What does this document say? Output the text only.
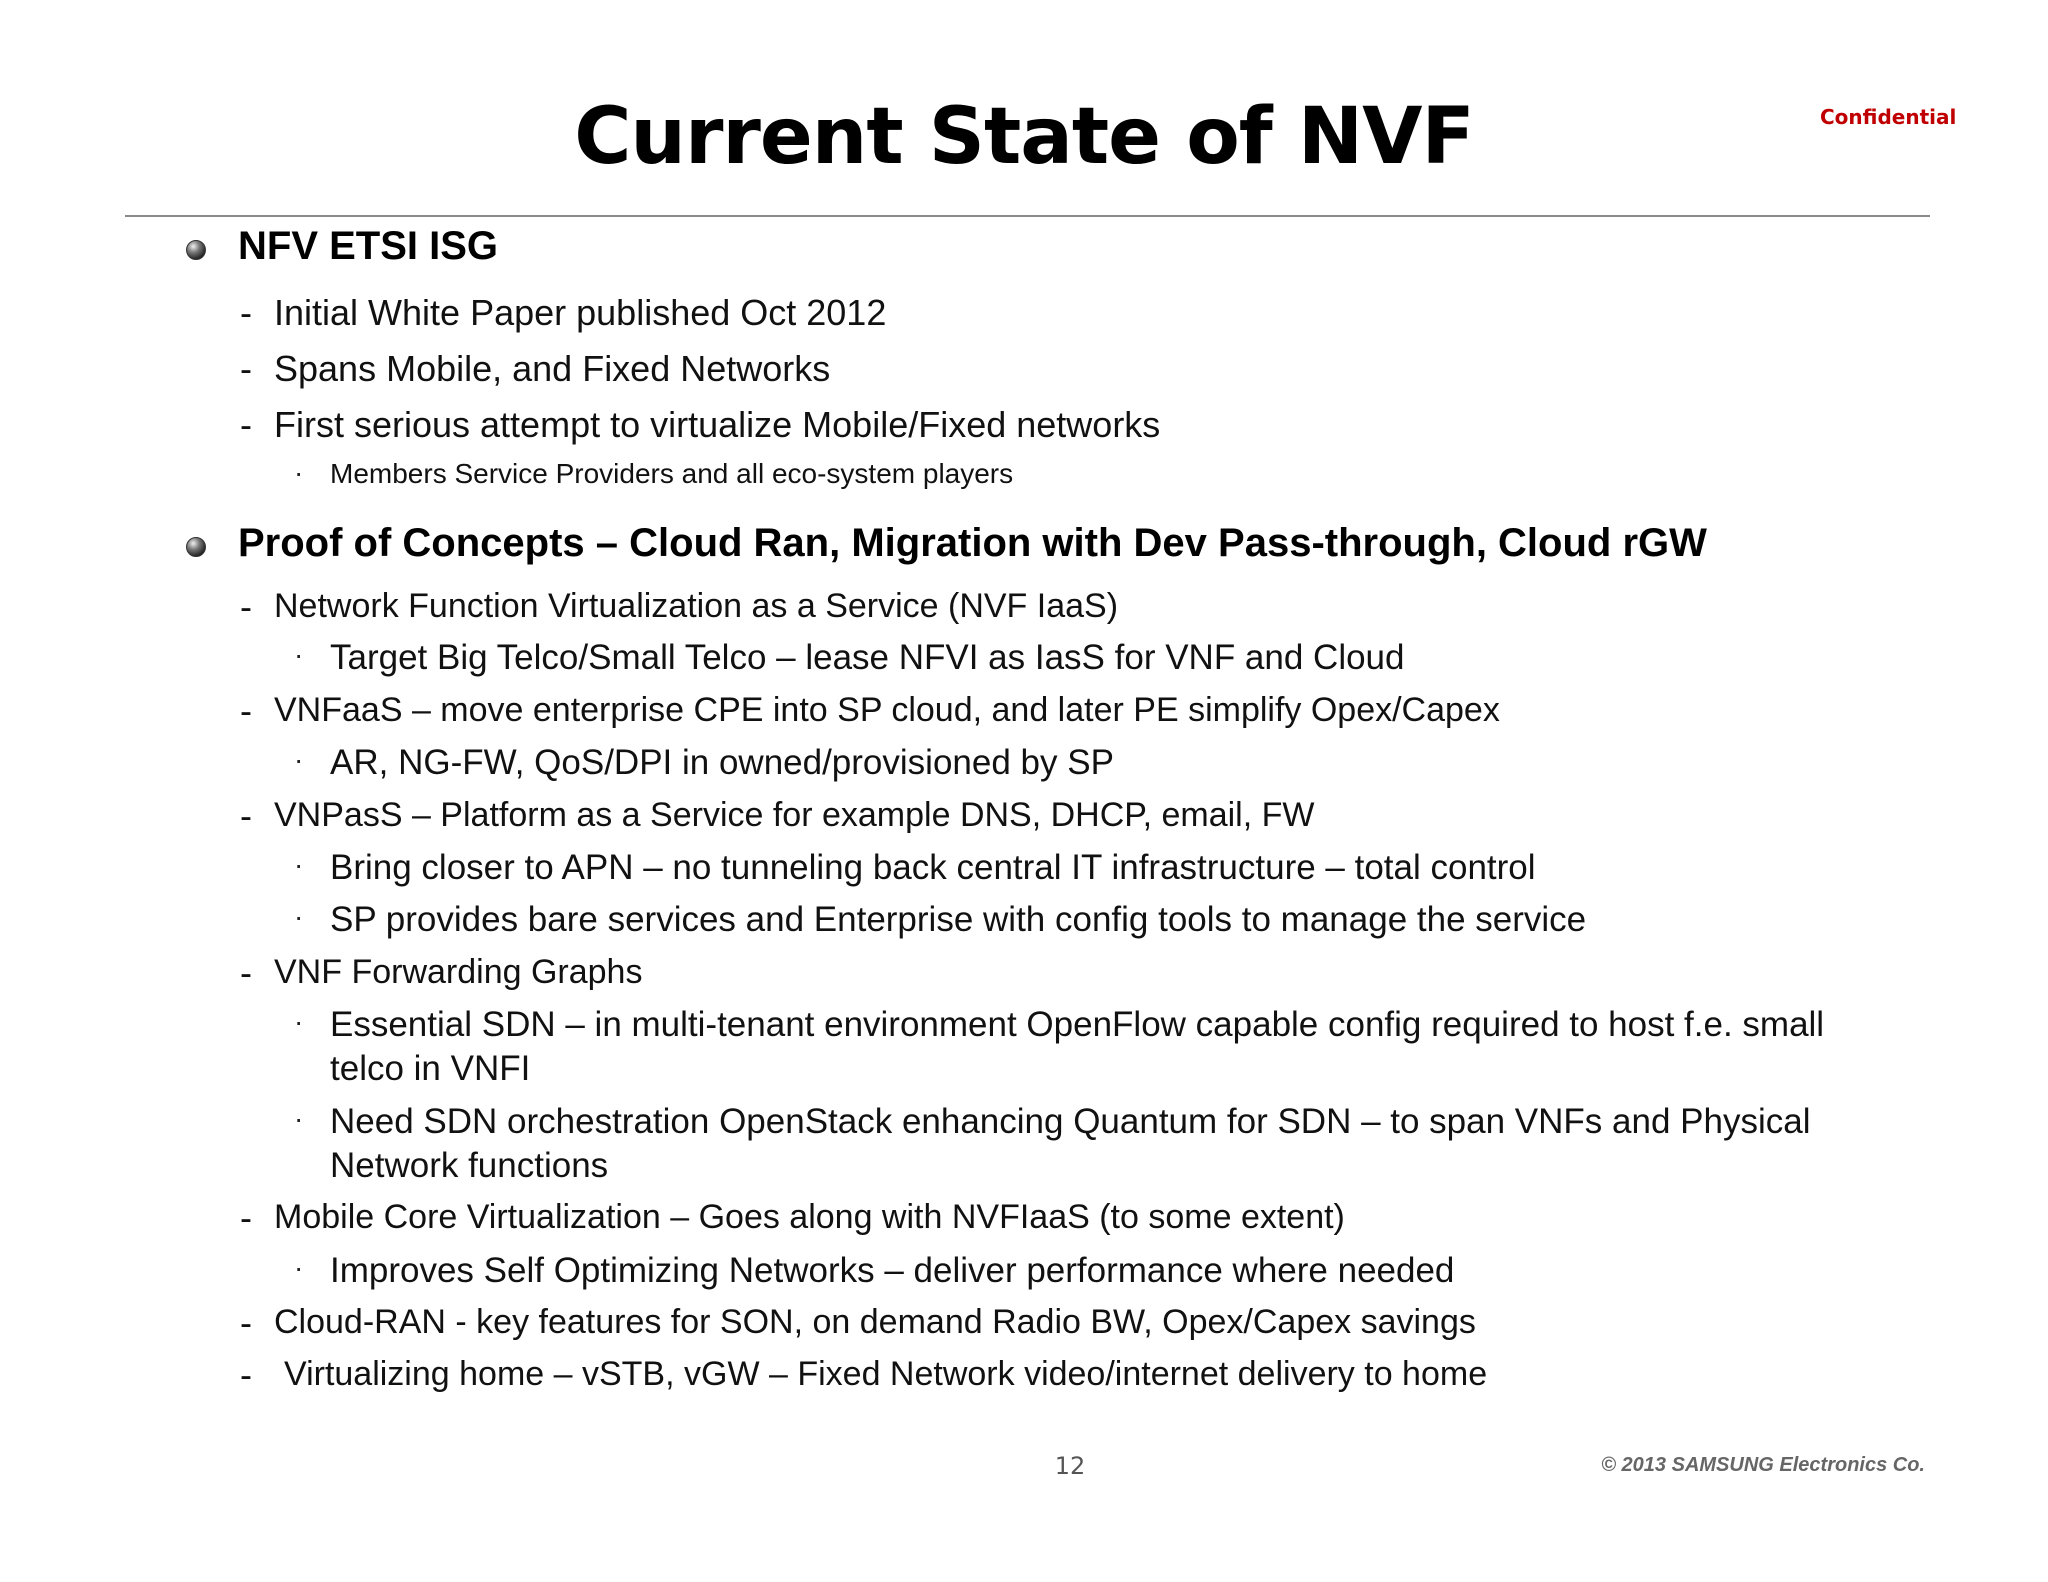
Current State of NVF	Confidential
NFV ETSI ISG
- Initial White Paper published Oct 2012
- Spans Mobile, and Fixed Networks
- First serious attempt to virtualize Mobile/Fixed networks
· Members Service Providers and all eco-system players
Proof of Concepts – Cloud Ran, Migration with Dev Pass-through, Cloud rGW
- Network Function Virtualization as a Service (NVF IaaS)
· Target Big Telco/Small Telco – lease NFVI as IasS for VNF and Cloud
- VNFaaS – move enterprise CPE into SP cloud, and later PE simplify Opex/Capex
· AR, NG-FW, QoS/DPI in owned/provisioned by SP
- VNPasS – Platform as a Service for example DNS, DHCP, email, FW
· Bring closer to APN – no tunneling back central IT infrastructure – total control
· SP provides bare services and Enterprise with config tools to manage the service
- VNF Forwarding Graphs
· Essential SDN – in multi-tenant environment OpenFlow capable config required to host f.e. small
telco in VNFI
· Need SDN orchestration OpenStack enhancing Quantum for SDN – to span VNFs and Physical
Network functions
- Mobile Core Virtualization – Goes along with NVFIaaS (to some extent)
· Improves Self Optimizing Networks – deliver performance where needed
- Cloud-RAN - key features for SON, on demand Radio BW, Opex/Capex savings
- Virtualizing home – vSTB, vGW – Fixed Network video/internet delivery to home
12	© 2013 SAMSUNG Electronics Co.
